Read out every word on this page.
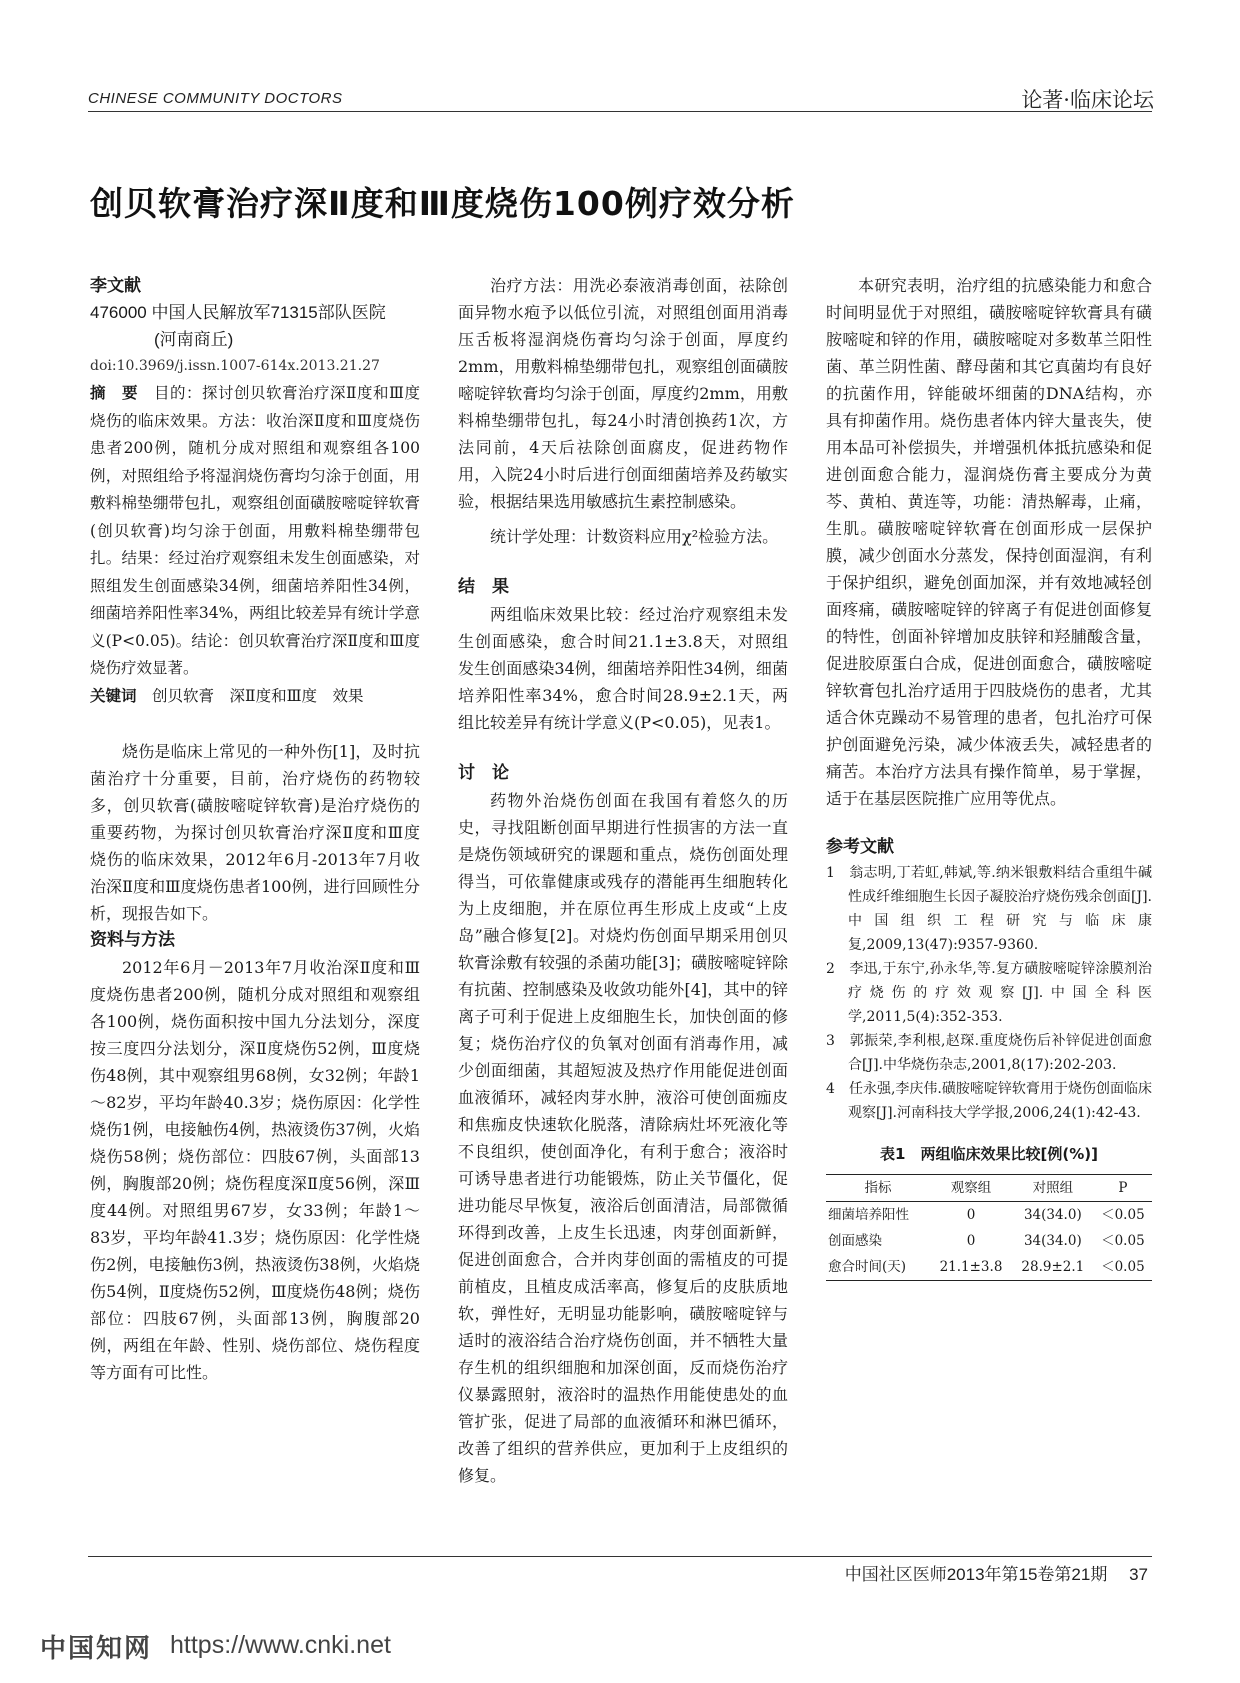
CHINESE COMMUNITY DOCTORS	论著·临床论坛
创贝软膏治疗深Ⅱ度和Ⅲ度烧伤100例疗效分析

李文献

476000 中国人民解放军71315部队医院

(河南商丘)

doi:10.3969/j.issn.1007-614x.2013.21.27

摘　要　 目的：探讨创贝软膏治疗深Ⅱ度和Ⅲ度烧伤的临床效果。方法：收治深Ⅱ度和Ⅲ度烧伤患者200例，随机分成对照组和观察组各100例，对照组给予将湿润烧伤膏均匀涂于创面，用敷料棉垫绷带包扎，观察组创面磺胺嘧啶锌软膏(创贝软膏)均匀涂于创面，用敷料棉垫绷带包扎。结果：经过治疗观察组未发生创面感染，对照组发生创面感染34例，细菌培养阳性34例，细菌培养阳性率34%，两组比较差异有统计学意义(P<0.05)。结论：创贝软膏治疗深Ⅱ度和Ⅲ度烧伤疗效显著。

关键词　 创贝软膏　深Ⅱ度和Ⅲ度　效果

烧伤是临床上常见的一种外伤[1]，及时抗菌治疗十分重要，目前，治疗烧伤的药物较多，创贝软膏(磺胺嘧啶锌软膏)是治疗烧伤的重要药物，为探讨创贝软膏治疗深Ⅱ度和Ⅲ度烧伤的临床效果，2012年6月-2013年7月收治深Ⅱ度和Ⅲ度烧伤患者100例，进行回顾性分析，现报告如下。

资料与方法

2012年6月－2013年7月收治深Ⅱ度和Ⅲ度烧伤患者200例，随机分成对照组和观察组各100例，烧伤面积按中国九分法划分，深度按三度四分法划分，深Ⅱ度烧伤52例，Ⅲ度烧伤48例，其中观察组男68例，女32例；年龄1～82岁，平均年龄40.3岁；烧伤原因：化学性烧伤1例，电接触伤4例，热液烫伤37例，火焰烧伤58例；烧伤部位：四肢67例，头面部13例，胸腹部20例；烧伤程度深Ⅱ度56例，深Ⅲ度44例。对照组男67岁，女33例；年龄1～83岁，平均年龄41.3岁；烧伤原因：化学性烧伤2例，电接触伤3例，热液烫伤38例，火焰烧伤54例，Ⅱ度烧伤52例，Ⅲ度烧伤48例；烧伤部位：四肢67例，头面部13例，胸腹部20例，两组在年龄、性别、烧伤部位、烧伤程度等方面有可比性。

治疗方法：用洗必泰液消毒创面，祛除创面异物水疱予以低位引流，对照组创面用消毒压舌板将湿润烧伤膏均匀涂于创面，厚度约2mm，用敷料棉垫绷带包扎，观察组创面磺胺嘧啶锌软膏均匀涂于创面，厚度约2mm，用敷料棉垫绷带包扎，每24小时清创换药1次，方法同前，4天后祛除创面腐皮，促进药物作用，入院24小时后进行创面细菌培养及药敏实验，根据结果选用敏感抗生素控制感染。

统计学处理：计数资料应用χ²检验方法。

结　果

两组临床效果比较：经过治疗观察组未发生创面感染，愈合时间21.1±3.8天，对照组发生创面感染34例，细菌培养阳性34例，细菌培养阳性率34%，愈合时间28.9±2.1天，两组比较差异有统计学意义(P<0.05)，见表1。

讨　论

药物外治烧伤创面在我国有着悠久的历史，寻找阻断创面早期进行性损害的方法一直是烧伤领域研究的课题和重点，烧伤创面处理得当，可依靠健康或残存的潜能再生细胞转化为上皮细胞，并在原位再生形成上皮或“上皮岛”融合修复[2]。对烧灼伤创面早期采用创贝软膏涂敷有较强的杀菌功能[3]；磺胺嘧啶锌除有抗菌、控制感染及收敛功能外[4]，其中的锌离子可利于促进上皮细胞生长，加快创面的修复；烧伤治疗仪的负氧对创面有消毒作用，减少创面细菌，其超短波及热疗作用能促进创面血液循环，减轻肉芽水肿，液浴可使创面痂皮和焦痂皮快速软化脱落，清除病灶坏死液化等不良组织，使创面净化，有利于愈合；液浴时可诱导患者进行功能锻炼，防止关节僵化，促进功能尽早恢复，液浴后创面清洁，局部微循环得到改善，上皮生长迅速，肉芽创面新鲜，促进创面愈合，合并肉芽创面的需植皮的可提前植皮，且植皮成活率高，修复后的皮肤质地软，弹性好，无明显功能影响，磺胺嘧啶锌与适时的液浴结合治疗烧伤创面，并不牺牲大量存生机的组织细胞和加深创面，反而烧伤治疗仪暴露照射，液浴时的温热作用能使患处的血管扩张，促进了局部的血液循环和淋巴循环，改善了组织的营养供应，更加利于上皮组织的修复。

本研究表明，治疗组的抗感染能力和愈合时间明显优于对照组，磺胺嘧啶锌软膏具有磺胺嘧啶和锌的作用，磺胺嘧啶对多数革兰阳性菌、革兰阴性菌、酵母菌和其它真菌均有良好的抗菌作用，锌能破坏细菌的DNA结构，亦具有抑菌作用。烧伤患者体内锌大量丧失，使用本品可补偿损失，并增强机体抵抗感染和促进创面愈合能力，湿润烧伤膏主要成分为黄芩、黄柏、黄连等，功能：清热解毒，止痛，生肌。磺胺嘧啶锌软膏在创面形成一层保护膜，减少创面水分蒸发，保持创面湿润，有利于保护组织，避免创面加深，并有效地减轻创面疼痛，磺胺嘧啶锌的锌离子有促进创面修复的特性，创面补锌增加皮肤锌和羟脯酸含量，促进胶原蛋白合成，促进创面愈合，磺胺嘧啶锌软膏包扎治疗适用于四肢烧伤的患者，尤其适合休克躁动不易管理的患者，包扎治疗可保护创面避免污染，减少体液丢失，减轻患者的痛苦。本治疗方法具有操作简单，易于掌握，适于在基层医院推广应用等优点。

参考文献

1　 翁志明,丁若虹,韩斌,等.纳米银敷料结合重组牛碱性成纤维细胞生长因子凝胶治疗烧伤残余创面[J].中国组织工程研究与临床康复,2009,13(47):9357-9360.

2　 李迅,于东宁,孙永华,等.复方磺胺嘧啶锌涂膜剂治疗烧伤的疗效观察[J].中国全科医学,2011,5(4):352-353.

3　 郭振荣,李利根,赵琛.重度烧伤后补锌促进创面愈合[J].中华烧伤杂志,2001,8(17):202-203.

4　 任永强,李庆伟.磺胺嘧啶锌软膏用于烧伤创面临床观察[J].河南科技大学学报,2006,24(1):42-43.

表1　两组临床效果比较[例(%)]
指标	观察组	对照组	P
细菌培养阳性	0	34(34.0)	＜0.05
创面感染	0	34(34.0)	＜0.05
愈合时间(天)	21.1±3.8	28.9±2.1	＜0.05
中国社区医师2013年第15卷第21期　 37
中国知网 https://www.cnki.net
